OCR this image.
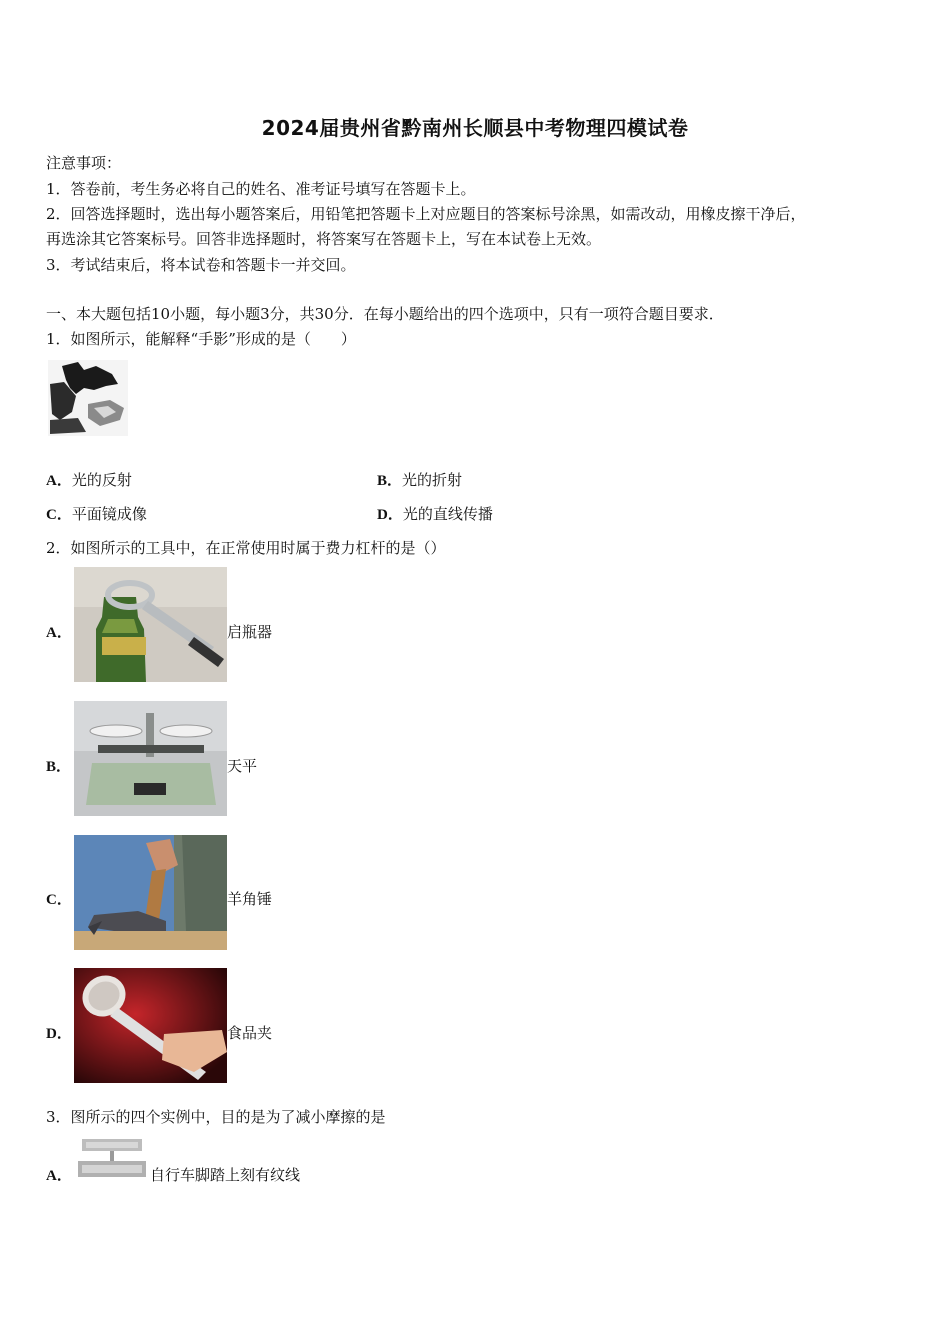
2024届贵州省黔南州长顺县中考物理四模试卷
注意事项：
1．答卷前，考生务必将自己的姓名、准考证号填写在答题卡上。
2．回答选择题时，选出每小题答案后，用铅笔把答题卡上对应题目的答案标号涂黑，如需改动，用橡皮擦干净后，
再选涂其它答案标号。回答非选择题时，将答案写在答题卡上，写在本试卷上无效。
3．考试结束后，将本试卷和答题卡一并交回。
一、本大题包括10小题，每小题3分，共30分．在每小题给出的四个选项中，只有一项符合题目要求．
1．如图所示，能解释“手影”形成的是（　　）
A．光的反射	B．光的折射
C．平面镜成像	D．光的直线传播
2．如图所示的工具中，在正常使用时属于费力杠杆的是（）
A．	启瓶器
B．	天平
C．	羊角锤
D．	食品夹
3．图所示的四个实例中，目的是为了减小摩擦的是
A．	自行车脚踏上刻有纹线
